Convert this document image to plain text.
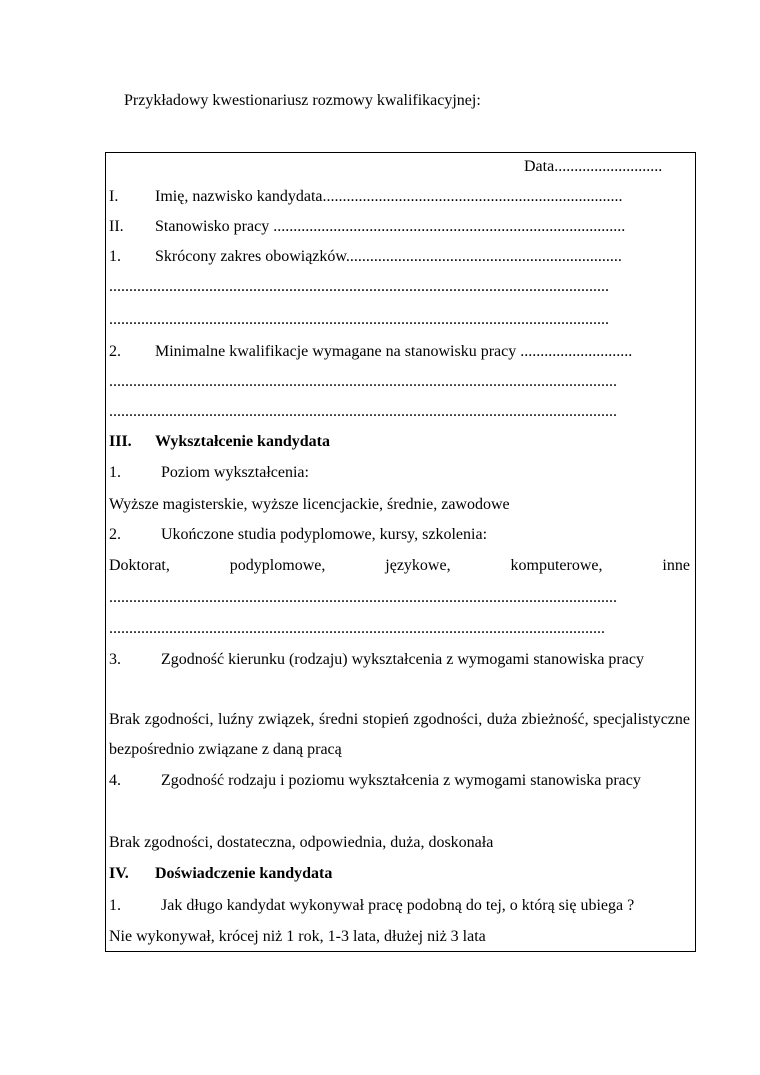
Przykładowy kwestionariusz rozmowy kwalifikacyjnej:
Data...........................
I. Imię, nazwisko kandydata...........................................................................
II. Stanowisko pracy ........................................................................................
1. Skrócony zakres obowiązków.....................................................................
.............................................................................................................................
.............................................................................................................................
2. Minimalne kwalifikacje wymagane na stanowisku pracy ............................
...............................................................................................................................
...............................................................................................................................
III. Wykształcenie kandydata
1.	Poziom wykształcenia:
Wyższe magisterskie, wyższe licencjackie, średnie, zawodowe
2.	Ukończone studia podyplomowe, kursy, szkolenia:
Doktorat,	podyplomowe,	językowe,	komputerowe,	inne
...............................................................................................................................
............................................................................................................................
3.	Zgodność kierunku (rodzaju) wykształcenia z wymogami stanowiska pracy
Brak zgodności, luźny związek, średni stopień zgodności, duża zbieżność, specjalistyczne bezpośrednio związane z daną pracą
4.	Zgodność rodzaju i poziomu wykształcenia z wymogami stanowiska pracy
Brak zgodności, dostateczna, odpowiednia, duża, doskonała
IV. Doświadczenie kandydata
1.	Jak długo kandydat wykonywał pracę podobną do tej, o którą się ubiega ?
Nie wykonywał, krócej niż 1 rok, 1-3 lata, dłużej niż 3 lata
